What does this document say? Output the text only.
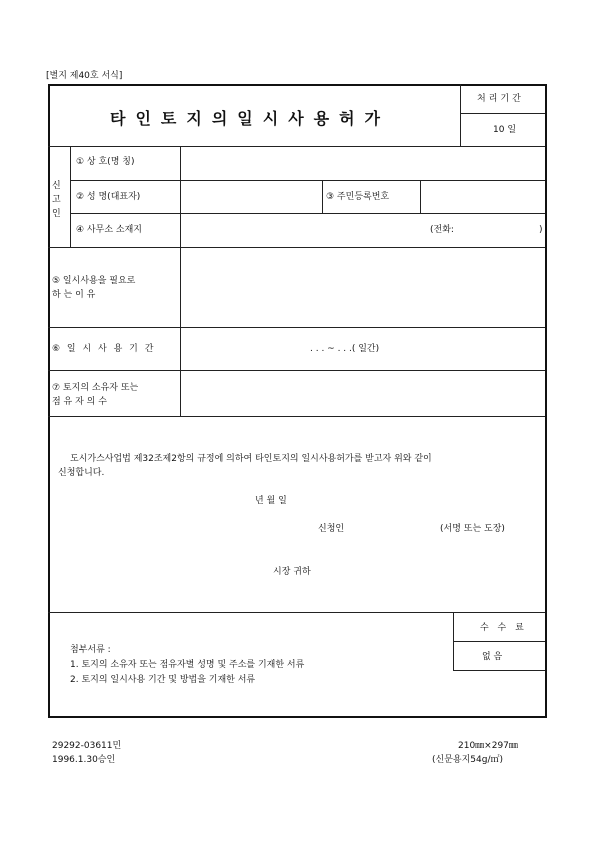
[별지 제40호 서식]
타인토지의일시사용허가
처리기간
10 일
신
고
인
① 상 호(명 칭)
② 성 명(대표자)	③ 주민등록번호
④ 사무소 소재지	(전화:	)
⑤ 일시사용을 필요로
하 는 이 유
⑥ 일 시 사 용 기 간	. . . ~ . . .( 일간)
⑦ 토지의 소유자 또는
점 유 자 의 수
도시가스사업법 제32조제2항의 규정에 의하여 타인토지의 일시사용허가를 받고자 위와 같이
신청합니다.
년 월 일
신청인	(서명 또는 도장)
시장 귀하
수 수 료
없 음
첨부서류 :
1. 토지의 소유자 또는 점유자별 성명 및 주소를 기재한 서류
2. 토지의 일시사용 기간 및 방법을 기재한 서류
29292-03611민
1996.1.30승인
210㎜×297㎜
(신문용지54g/㎡)
